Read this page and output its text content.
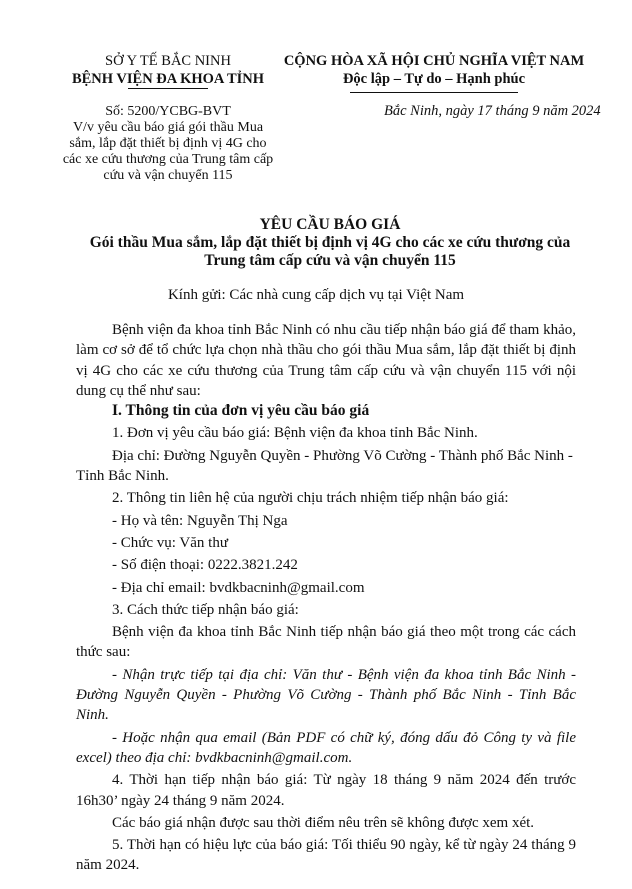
SỞ Y TẾ BẮC NINH
BỆNH VIỆN ĐA KHOA TỈNH
CỘNG HÒA XÃ HỘI CHỦ NGHĨA VIỆT NAM
Độc lập – Tự do – Hạnh phúc
Bắc Ninh, ngày 17 tháng 9 năm 2024
Số: 5200/YCBG-BVT
V/v yêu cầu báo giá gói thầu Mua sắm, lắp đặt thiết bị định vị 4G cho các xe cứu thương của Trung tâm cấp cứu và vận chuyển 115
YÊU CẦU BÁO GIÁ
Gói thầu Mua sắm, lắp đặt thiết bị định vị 4G cho các xe cứu thương của
Trung tâm cấp cứu và vận chuyển 115
Kính gửi: Các nhà cung cấp dịch vụ tại Việt Nam

Bệnh viện đa khoa tỉnh Bắc Ninh có nhu cầu tiếp nhận báo giá để tham khảo, làm cơ sở để tổ chức lựa chọn nhà thầu cho gói thầu Mua sắm, lắp đặt thiết bị định vị 4G cho các xe cứu thương của Trung tâm cấp cứu và vận chuyển 115 với nội dung cụ thể như sau:

I. Thông tin của đơn vị yêu cầu báo giá

1. Đơn vị yêu cầu báo giá: Bệnh viện đa khoa tỉnh Bắc Ninh.

Địa chỉ: Đường Nguyễn Quyền - Phường Võ Cường - Thành phố Bắc Ninh - Tỉnh Bắc Ninh.

2. Thông tin liên hệ của người chịu trách nhiệm tiếp nhận báo giá:

- Họ và tên: Nguyễn Thị Nga

- Chức vụ: Văn thư

- Số điện thoại: 0222.3821.242

- Địa chỉ email: bvdkbacninh@gmail.com

3. Cách thức tiếp nhận báo giá:

Bệnh viện đa khoa tỉnh Bắc Ninh tiếp nhận báo giá theo một trong các cách thức sau:

- Nhận trực tiếp tại địa chỉ: Văn thư - Bệnh viện đa khoa tỉnh Bắc Ninh - Đường Nguyễn Quyền - Phường Võ Cường - Thành phố Bắc Ninh - Tỉnh Bắc Ninh.

- Hoặc nhận qua email (Bản PDF có chữ ký, đóng dấu đỏ Công ty và file excel) theo địa chỉ: bvdkbacninh@gmail.com.

4. Thời hạn tiếp nhận báo giá: Từ ngày 18 tháng 9 năm 2024 đến trước 16h30’ ngày 24 tháng 9 năm 2024.

Các báo giá nhận được sau thời điểm nêu trên sẽ không được xem xét.

5. Thời hạn có hiệu lực của báo giá: Tối thiểu 90 ngày, kể từ ngày 24 tháng 9 năm 2024.
